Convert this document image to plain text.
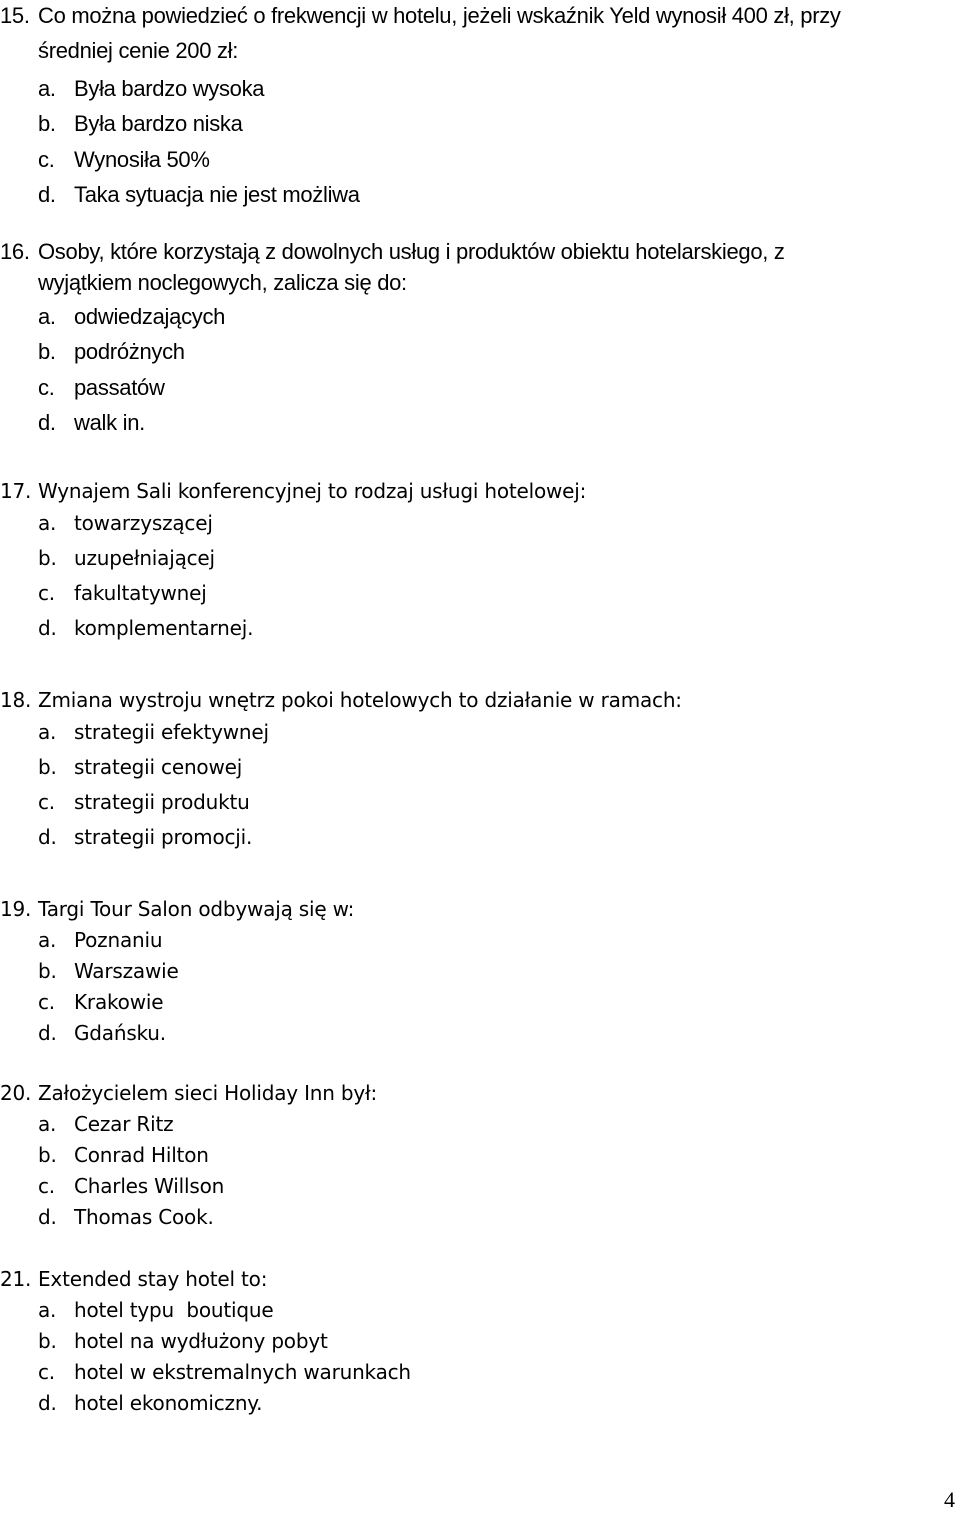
15. Co można powiedzieć o frekwencji w hotelu, jeżeli wskaźnik Yeld wynosił 400 zł, przy
średniej cenie 200 zł:
a. Była bardzo wysoka
b. Była bardzo niska
c. Wynosiła 50%
d. Taka sytuacja nie jest możliwa
16. Osoby, które korzystają z dowolnych usług i produktów obiektu hotelarskiego, z
wyjątkiem noclegowych, zalicza się do:
a. odwiedzających
b. podróżnych
c. passatów
d. walk in.
17. Wynajem Sali konferencyjnej to rodzaj usługi hotelowej:
a. towarzyszącej
b. uzupełniającej
c. fakultatywnej
d. komplementarnej.
18. Zmiana wystroju wnętrz pokoi hotelowych to działanie w ramach:
a. strategii efektywnej
b. strategii cenowej
c. strategii produktu
d. strategii promocji.
19. Targi Tour Salon odbywają się w:
a. Poznaniu
b. Warszawie
c. Krakowie
d. Gdańsku.
20. Założycielem sieci Holiday Inn był:
a. Cezar Ritz
b. Conrad Hilton
c. Charles Willson
d. Thomas Cook.
21. Extended stay hotel to:
a. hotel typu  boutique
b. hotel na wydłużony pobyt
c. hotel w ekstremalnych warunkach
d. hotel ekonomiczny.
4
